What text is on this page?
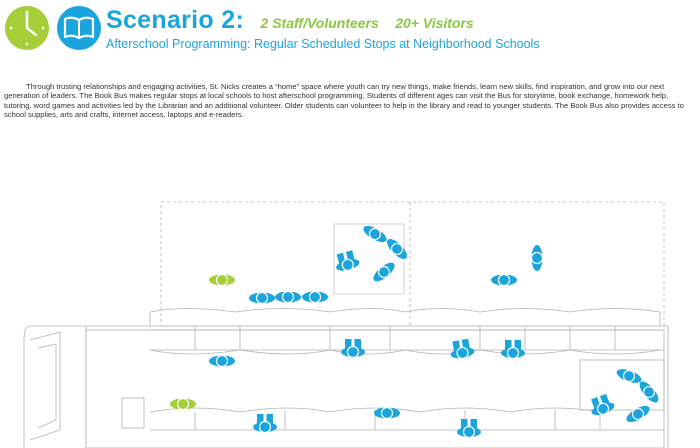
Scenario 2: 2 Staff/Volunteers 20+ Visitors
Afterschool Programming: Regular Scheduled Stops at Neighborhood Schools

Through trusting relationships and engaging activities, St. Nicks creates a “home” space where youth can try new things, make friends, learn new skills, find inspiration, and grow into our next generation of leaders. The Book Bus makes regular stops at local schools to host afterschool programming. Students of different ages can visit the Bus for storytime, book exchange, homework help, tutoring, word games and activities led by the Librarian and an additional volunteer. Older students can volunteer to help in the library and read to younger students. The Book Bus also provides access to school supplies, arts and crafts, internet access, laptops and e-readers.
